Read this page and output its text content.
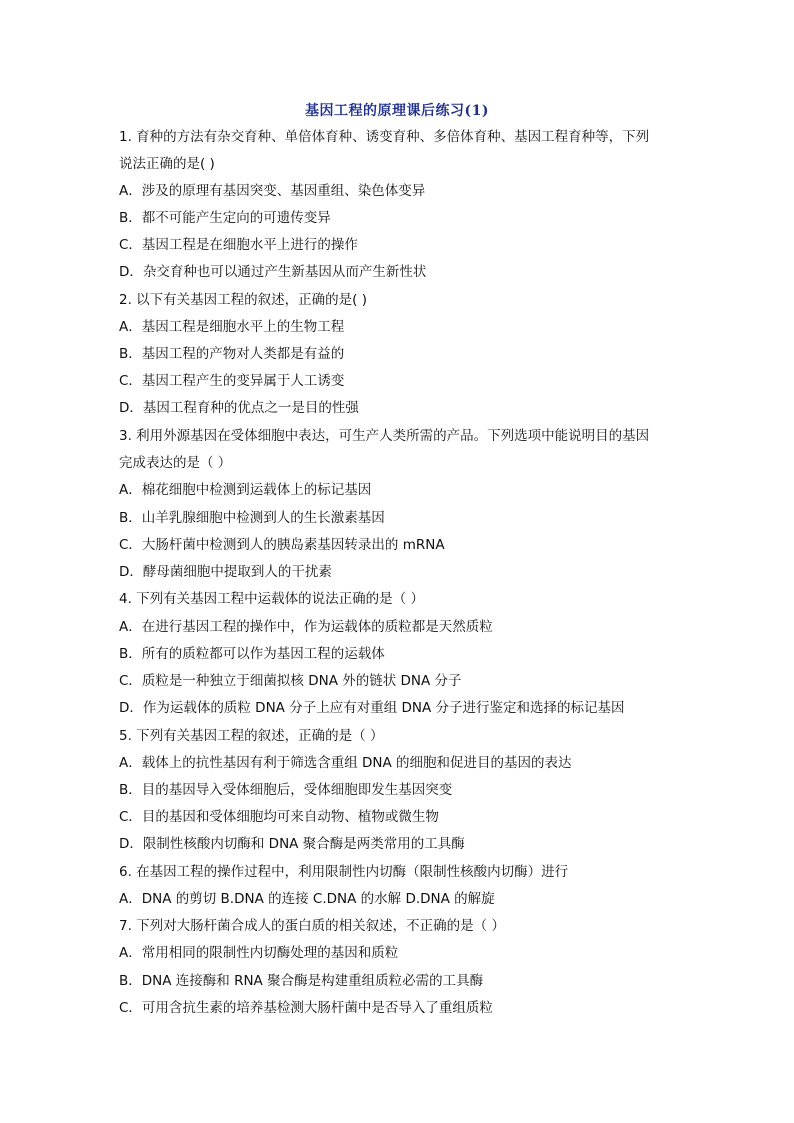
基因工程的原理课后练习(1)
1. 育种的方法有杂交育种、单倍体育种、诱变育种、多倍体育种、基因工程育种等，下列
说法正确的是( )
A．涉及的原理有基因突变、基因重组、染色体变异
B．都不可能产生定向的可遗传变异
C．基因工程是在细胞水平上进行的操作
D．杂交育种也可以通过产生新基因从而产生新性状
2. 以下有关基因工程的叙述，正确的是( )
A．基因工程是细胞水平上的生物工程
B．基因工程的产物对人类都是有益的
C．基因工程产生的变异属于人工诱变
D．基因工程育种的优点之一是目的性强
3. 利用外源基因在受体细胞中表达，可生产人类所需的产品。下列选项中能说明目的基因
完成表达的是（ ）
A．棉花细胞中检测到运载体上的标记基因
B．山羊乳腺细胞中检测到人的生长激素基因
C．大肠杆菌中检测到人的胰岛素基因转录出的 mRNA
D．酵母菌细胞中提取到人的干扰素
4. 下列有关基因工程中运载体的说法正确的是（ ）
A．在进行基因工程的操作中，作为运载体的质粒都是天然质粒
B．所有的质粒都可以作为基因工程的运载体
C．质粒是一种独立于细菌拟核 DNA 外的链状 DNA 分子
D．作为运载体的质粒 DNA 分子上应有对重组 DNA 分子进行鉴定和选择的标记基因
5. 下列有关基因工程的叙述，正确的是（ ）
A．载体上的抗性基因有利于筛选含重组 DNA 的细胞和促进目的基因的表达
B．目的基因导入受体细胞后，受体细胞即发生基因突变
C．目的基因和受体细胞均可来自动物、植物或微生物
D．限制性核酸内切酶和 DNA 聚合酶是两类常用的工具酶
6. 在基因工程的操作过程中，利用限制性内切酶（限制性核酸内切酶）进行
A．DNA 的剪切 B.DNA 的连接 C.DNA 的水解 D.DNA 的解旋
7. 下列对大肠杆菌合成人的蛋白质的相关叙述，不正确的是（ ）
A．常用相同的限制性内切酶处理的基因和质粒
B．DNA 连接酶和 RNA 聚合酶是构建重组质粒必需的工具酶
C．可用含抗生素的培养基检测大肠杆菌中是否导入了重组质粒
